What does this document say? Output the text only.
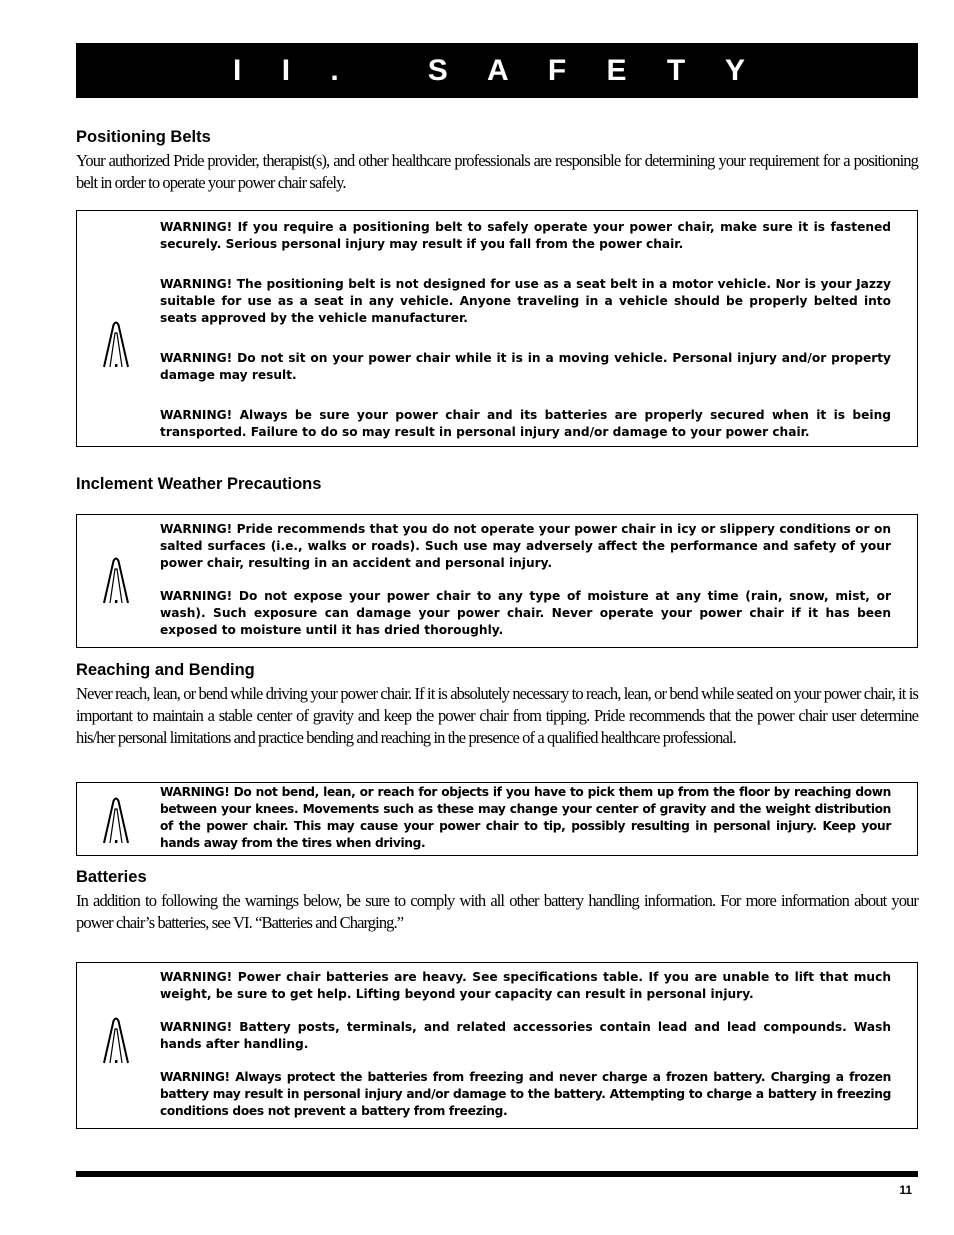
I I .   S A F E T Y
Positioning Belts

Your authorized Pride provider, therapist(s), and other healthcare professionals are responsible for determining your requirement for a positioning belt in order to operate your power chair safely.

WARNING! If you require a positioning belt to safely operate your power chair, make sure it is fastened securely. Serious personal injury may result if you fall from the power chair.

WARNING! The positioning belt is not designed for use as a seat belt in a motor vehicle. Nor is your Jazzy suitable for use as a seat in any vehicle. Anyone traveling in a vehicle should be properly belted into seats approved by the vehicle manufacturer.

WARNING! Do not sit on your power chair while it is in a moving vehicle. Personal injury and/or property damage may result.

WARNING! Always be sure your power chair and its batteries are properly secured when it is being transported. Failure to do so may result in personal injury and/or damage to your power chair.

Inclement Weather Precautions

WARNING! Pride recommends that you do not operate your power chair in icy or slippery conditions or on salted surfaces (i.e., walks or roads). Such use may adversely affect the performance and safety of your power chair, resulting in an accident and personal injury.

WARNING! Do not expose your power chair to any type of moisture at any time (rain, snow, mist, or wash). Such exposure can damage your power chair. Never operate your power chair if it has been exposed to moisture until it has dried thoroughly.

Reaching and Bending

Never reach, lean, or bend while driving your power chair. If it is absolutely necessary to reach, lean, or bend while seated on your power chair, it is important to maintain a stable center of gravity and keep the power chair from tipping. Pride recommends that the power chair user determine his/her personal limitations and practice bending and reaching in the presence of a qualified healthcare professional.

WARNING! Do not bend, lean, or reach for objects if you have to pick them up from the floor by reaching down between your knees. Movements such as these may change your center of gravity and the weight distribution of the power chair. This may cause your power chair to tip, possibly resulting in personal injury. Keep your hands away from the tires when driving.

Batteries

In addition to following the warnings below, be sure to comply with all other battery handling information. For more information about your power chair’s batteries, see VI. “Batteries and Charging.”

WARNING! Power chair batteries are heavy. See specifications table. If you are unable to lift that much weight, be sure to get help. Lifting beyond your capacity can result in personal injury.

WARNING! Battery posts, terminals, and related accessories contain lead and lead compounds. Wash hands after handling.

WARNING! Always protect the batteries from freezing and never charge a frozen battery. Charging a frozen battery may result in personal injury and/or damage to the battery. Attempting to charge a battery in freezing conditions does not prevent a battery from freezing.

11
